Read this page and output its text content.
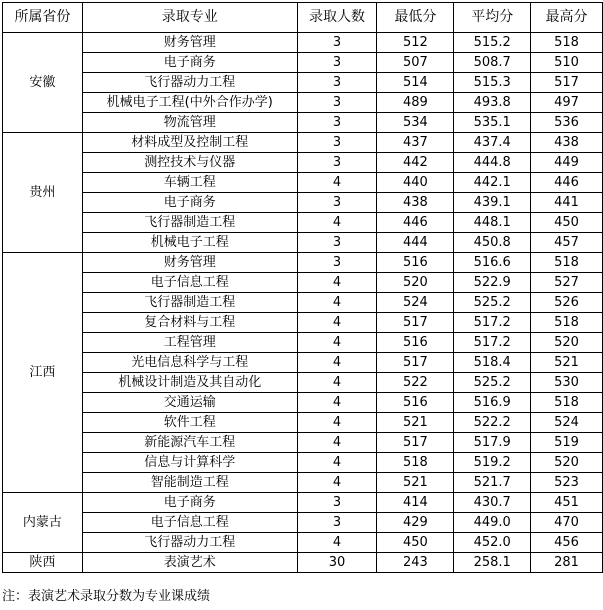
所属省份	录取专业	录取人数	最低分	平均分	最高分
安徽	财务管理	3	512	515.2	518
	电子商务	3	507	508.7	510
	飞行器动力工程	3	514	515.3	517
	机械电子工程(中外合作办学)	3	489	493.8	497
	物流管理	3	534	535.1	536
贵州	材料成型及控制工程	3	437	437.4	438
	测控技术与仪器	3	442	444.8	449
	车辆工程	4	440	442.1	446
	电子商务	3	438	439.1	441
	飞行器制造工程	4	446	448.1	450
	机械电子工程	3	444	450.8	457
江西	财务管理	3	516	516.6	518
	电子信息工程	4	520	522.9	527
	飞行器制造工程	4	524	525.2	526
	复合材料与工程	4	517	517.2	518
	工程管理	4	516	517.2	520
	光电信息科学与工程	4	517	518.4	521
	机械设计制造及其自动化	4	522	525.2	530
	交通运输	4	516	516.9	518
	软件工程	4	521	522.2	524
	新能源汽车工程	4	517	517.9	519
	信息与计算科学	4	518	519.2	520
	智能制造工程	4	521	521.7	523
内蒙古	电子商务	3	414	430.7	451
	电子信息工程	3	429	449.0	470
	飞行器动力工程	4	450	452.0	456
陕西	表演艺术	30	243	258.1	281
注：表演艺术录取分数为专业课成绩
